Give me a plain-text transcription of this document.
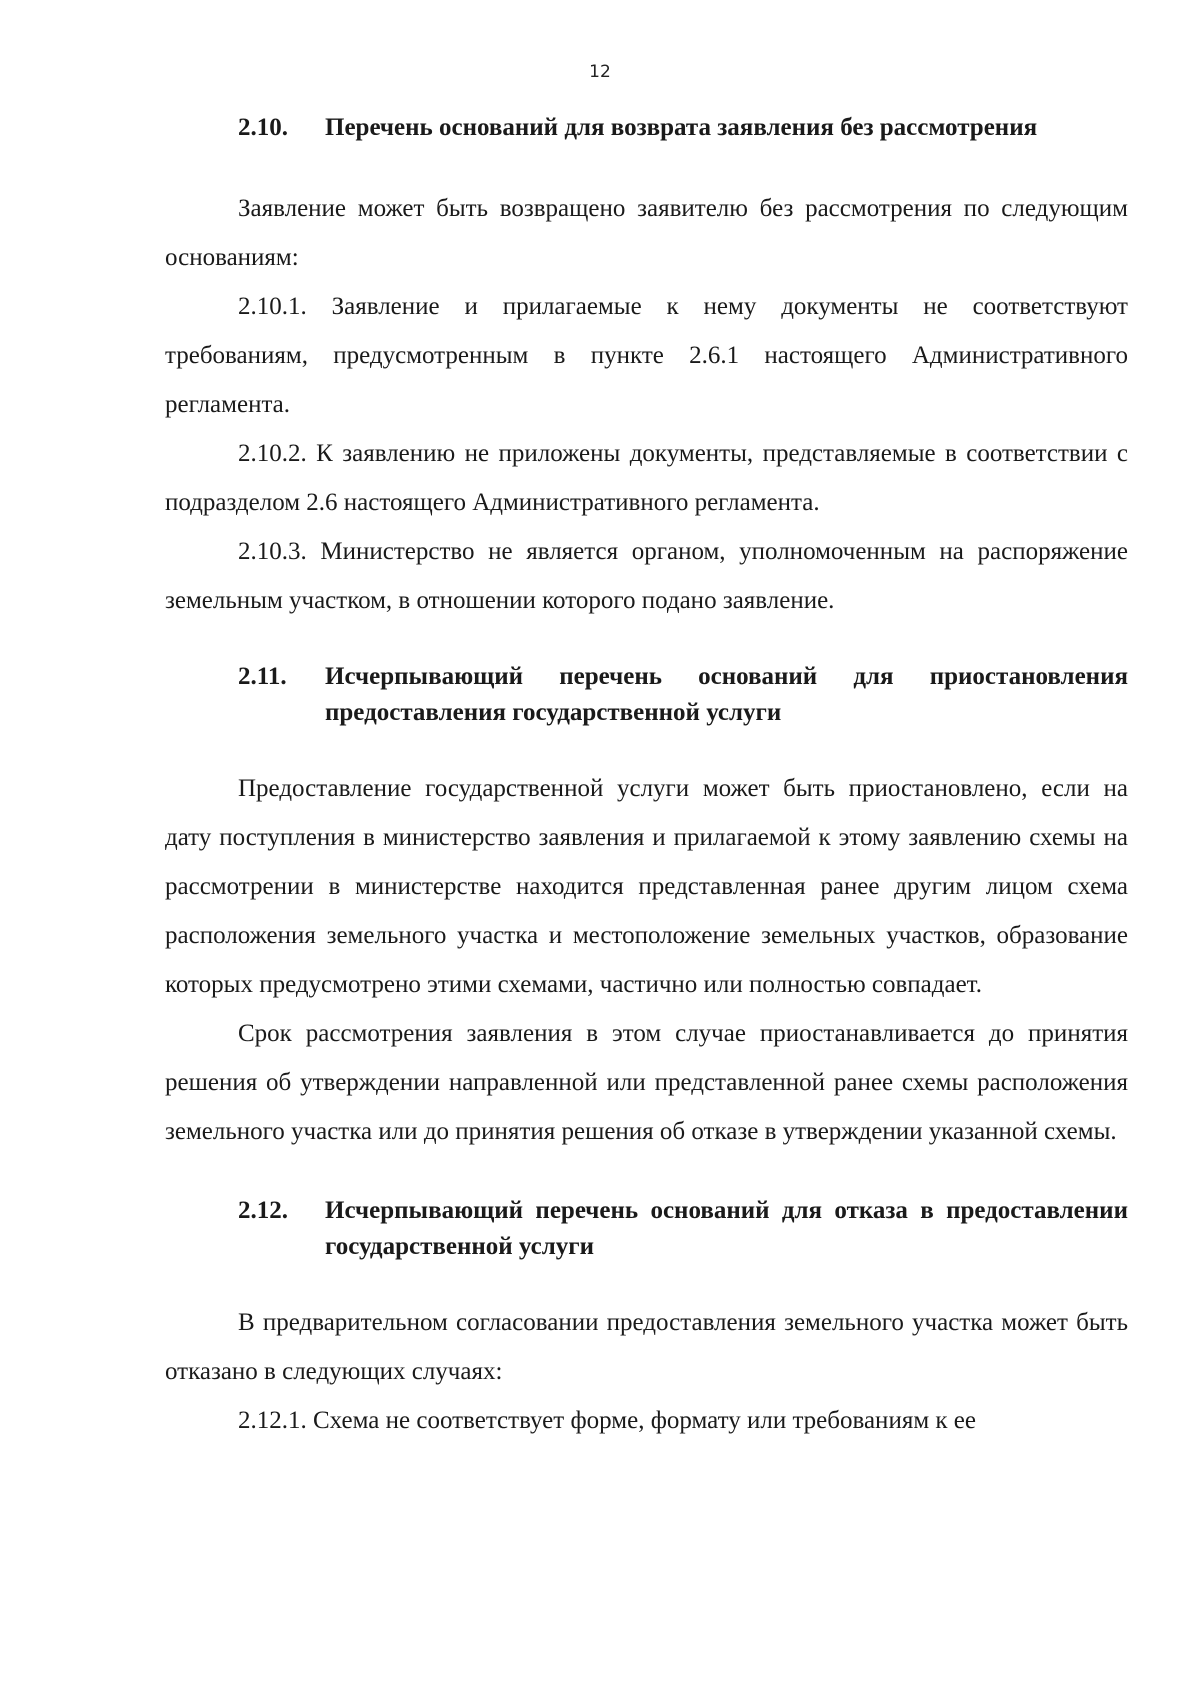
12
2.10.	Перечень оснований для возврата заявления без рассмотрения

Заявление может быть возвращено заявителю без рассмотрения по следующим основаниям:

2.10.1. Заявление и прилагаемые к нему документы не соответствуют требованиям, предусмотренным в пункте 2.6.1 настоящего Административного регламента.

2.10.2. К заявлению не приложены документы, представляемые в соответствии с подразделом 2.6 настоящего Административного регламента.

2.10.3. Министерство не является органом, уполномоченным на распоряжение земельным участком, в отношении которого подано заявление.

2.11.	Исчерпывающий перечень оснований для приостановления предоставления государственной услуги

Предоставление государственной услуги может быть приостановлено, если на дату поступления в министерство заявления и прилагаемой к этому заявлению схемы на рассмотрении в министерстве находится представленная ранее другим лицом схема расположения земельного участка и местоположение земельных участков, образование которых предусмотрено этими схемами, частично или полностью совпадает.

Срок рассмотрения заявления в этом случае приостанавливается до принятия решения об утверждении направленной или представленной ранее схемы расположения земельного участка или до принятия решения об отказе в утверждении указанной схемы.

2.12.	Исчерпывающий перечень оснований для отказа в предоставлении государственной услуги

В предварительном согласовании предоставления земельного участка может быть отказано в следующих случаях:

2.12.1. Схема не соответствует форме, формату или требованиям к ее
